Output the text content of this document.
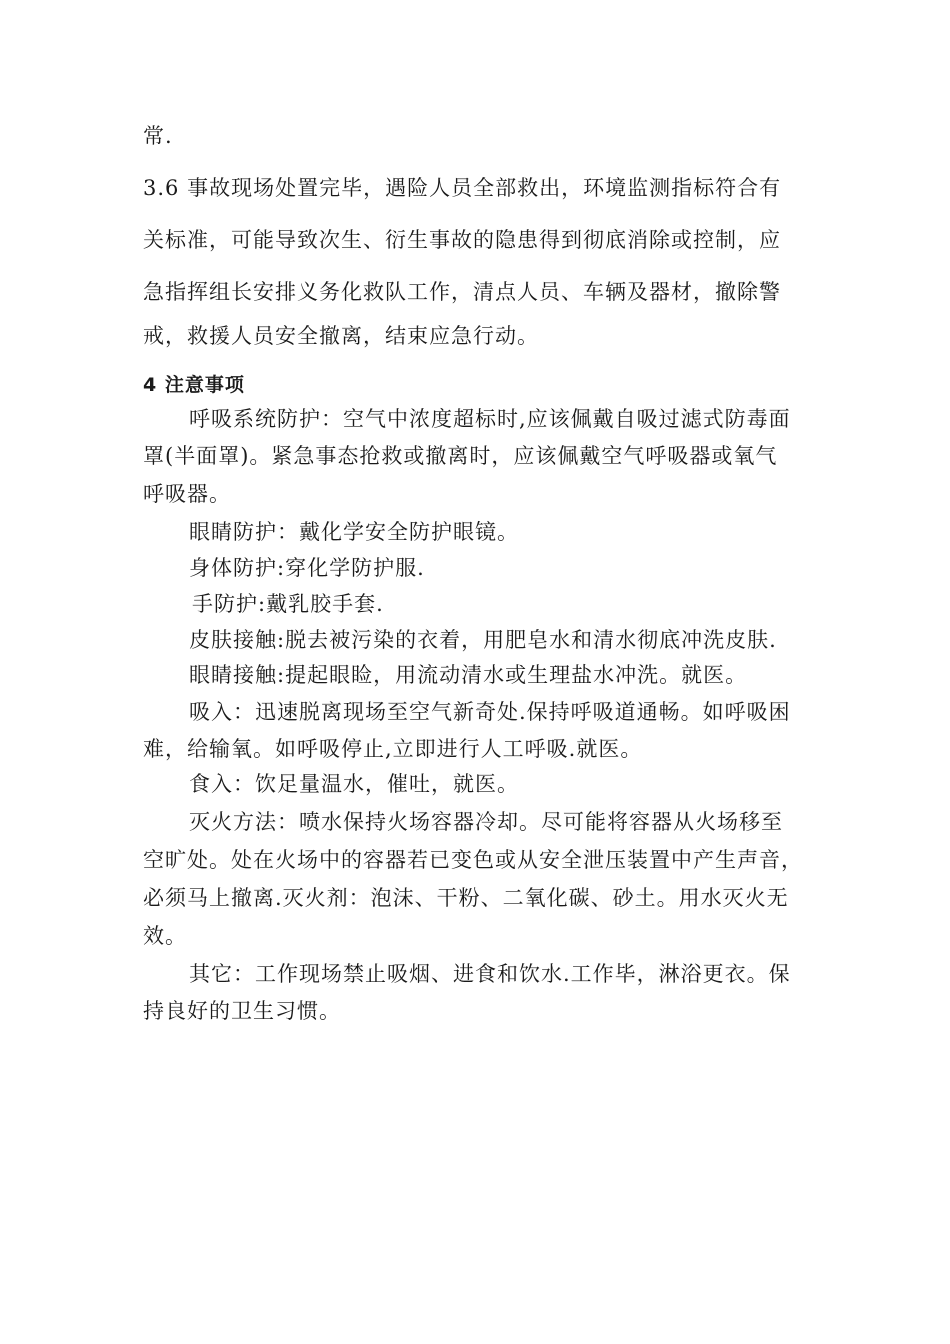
常.
3.6 事故现场处置完毕，遇险人员全部救出，环境监测指标符合有
关标准，可能导致次生、衍生事故的隐患得到彻底消除或控制，应
急指挥组长安排义务化救队工作，清点人员、车辆及器材，撤除警
戒，救援人员安全撤离，结束应急行动。
4 注意事项
呼吸系统防护：空气中浓度超标时,应该佩戴自吸过滤式防毒面
罩(半面罩)。紧急事态抢救或撤离时，应该佩戴空气呼吸器或氧气
呼吸器。
眼睛防护：戴化学安全防护眼镜。
身体防护:穿化学防护服.
手防护:戴乳胶手套.
皮肤接触:脱去被污染的衣着，用肥皂水和清水彻底冲洗皮肤.
眼睛接触:提起眼睑，用流动清水或生理盐水冲洗。就医。
吸入：迅速脱离现场至空气新奇处.保持呼吸道通畅。如呼吸困
难，给输氧。如呼吸停止,立即进行人工呼吸.就医。
食入：饮足量温水，催吐，就医。
灭火方法：喷水保持火场容器冷却。尽可能将容器从火场移至
空旷处。处在火场中的容器若已变色或从安全泄压装置中产生声音，
必须马上撤离.灭火剂：泡沫、干粉、二氧化碳、砂土。用水灭火无
效。
其它：工作现场禁止吸烟、进食和饮水.工作毕，淋浴更衣。保
持良好的卫生习惯。
